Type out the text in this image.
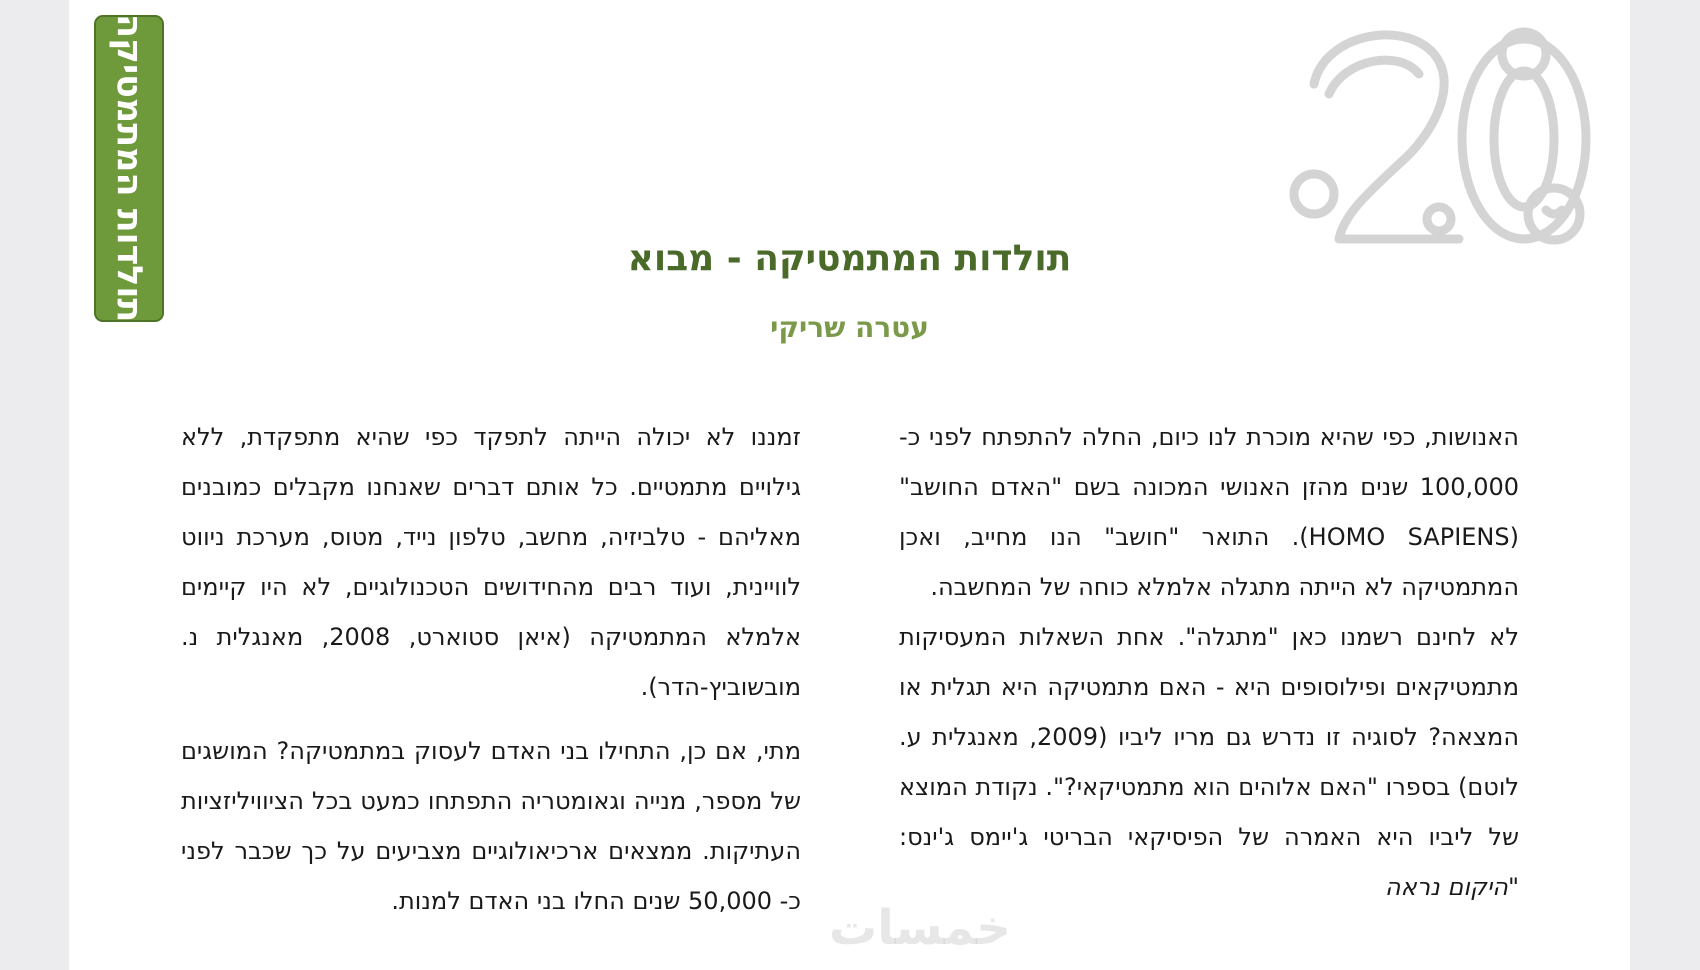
תולדות המתמטיקה	תולדות המתמטיקה - מבוא
עטרה שריקי

האנושות, כפי שהיא מוכרת לנו כיום, החלה להתפתח לפני כ- 100,000 שנים מהזן האנושי המכונה בשם "האדם החושב" (HOMO SAPIENS). התואר "חושב" הנו מחייב, ואכן המתמטיקה לא הייתה מתגלה אלמלא כוחה של המחשבה.

לא לחינם רשמנו כאן "מתגלה". אחת השאלות המעסיקות מתמטיקאים ופילוסופים היא - האם מתמטיקה היא תגלית או המצאה? לסוגיה זו נדרש גם מריו ליביו (2009, מאנגלית ע. לוטם) בספרו "האם אלוהים הוא מתמטיקאי?". נקודת המוצא של ליביו היא האמרה של הפיסיקאי הבריטי ג'יימס ג'ינס: "היקום נראה

זמננו לא יכולה הייתה לתפקד כפי שהיא מתפקדת, ללא גילויים מתמטיים. כל אותם דברים שאנחנו מקבלים כמובנים מאליהם - טלביזיה, מחשב, טלפון נייד, מטוס, מערכת ניווט לוויינית, ועוד רבים מהחידושים הטכנולוגיים, לא היו קיימים אלמלא המתמטיקה (איאן סטוארט, 2008, מאנגלית נ. מובשוביץ-הדר).

מתי, אם כן, התחילו בני האדם לעסוק במתמטיקה? המושגים של מספר, מנייה וגאומטריה התפתחו כמעט בכל הציוויליזציות העתיקות. ממצאים ארכיאולוגיים מצביעים על כך שכבר לפני כ- 50,000 שנים החלו בני האדם למנות. خمسات
